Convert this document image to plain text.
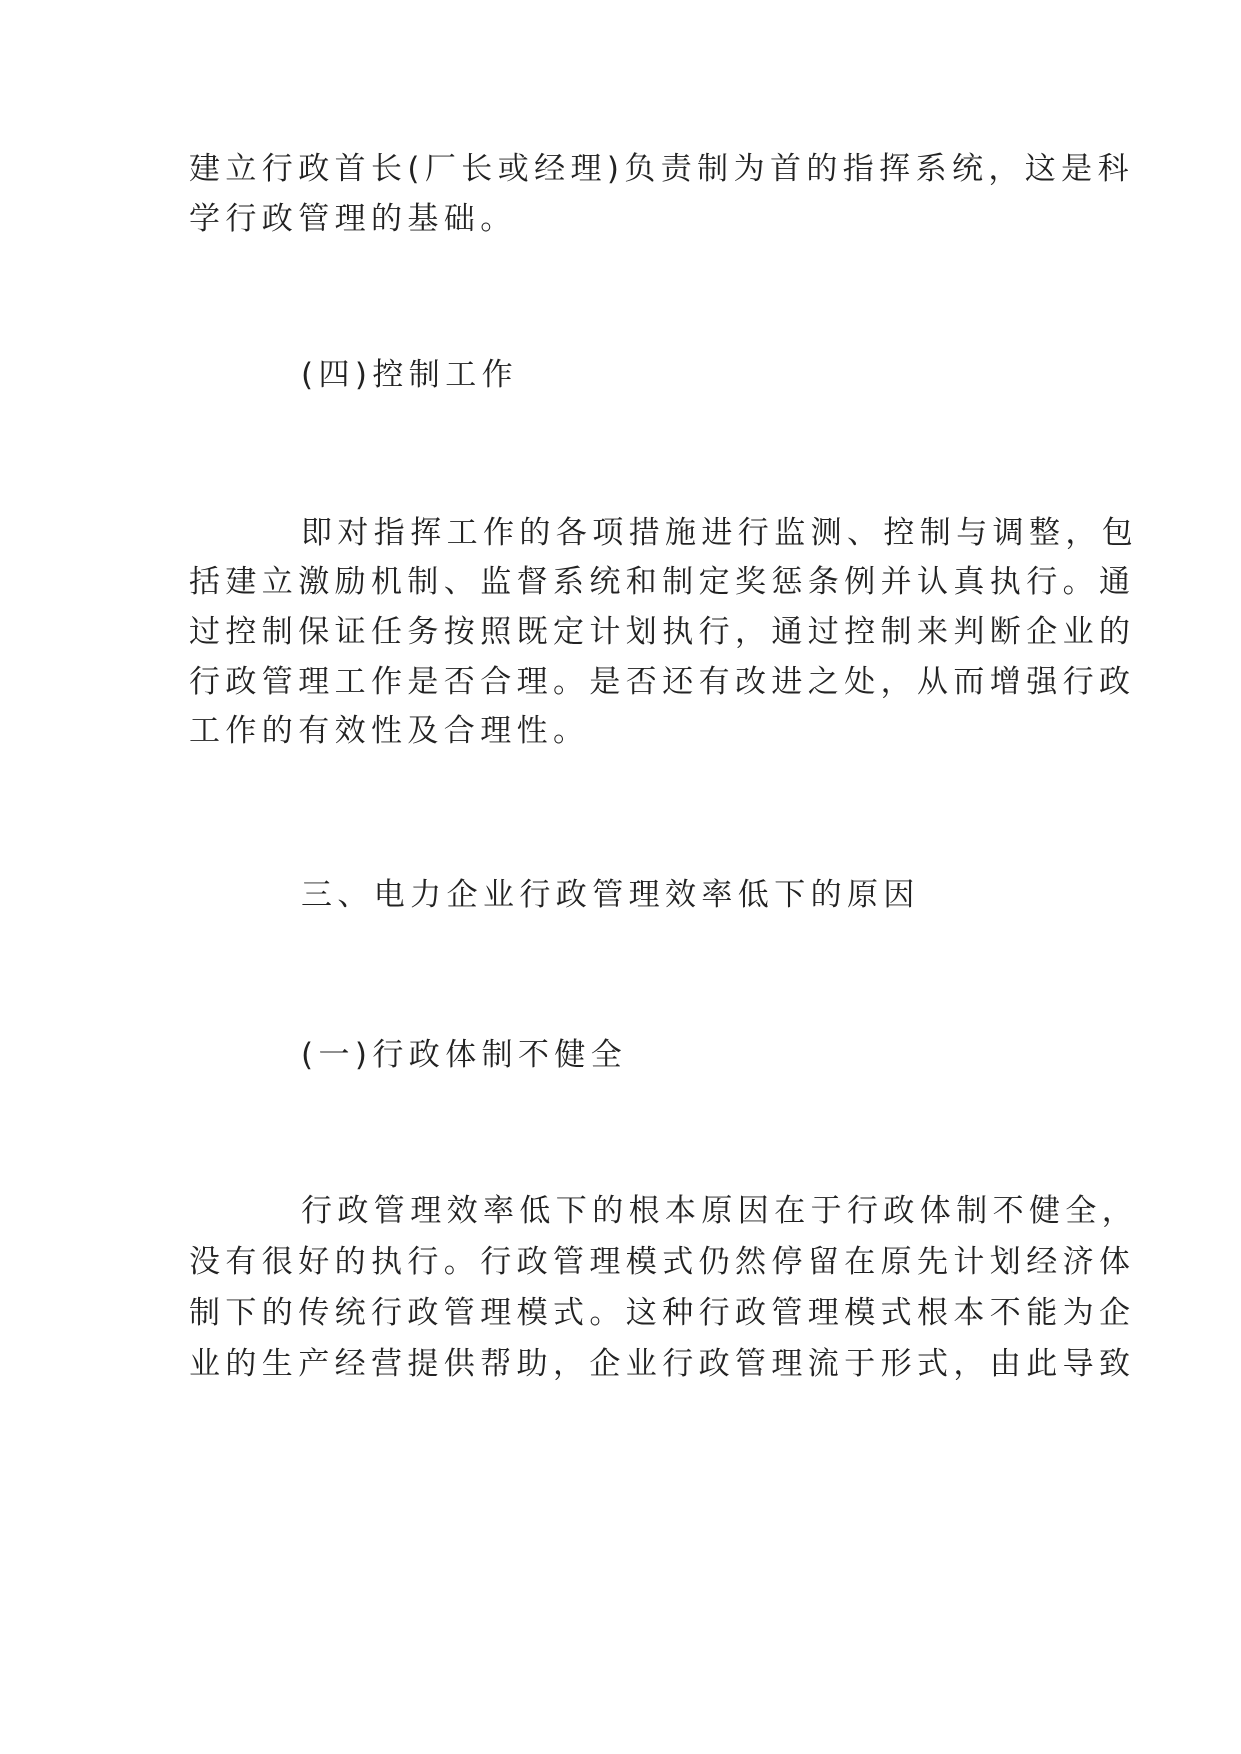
建立行政首长(厂长或经理)负责制为首的指挥系统，这是科
学行政管理的基础。
(四)控制工作
即对指挥工作的各项措施进行监测、控制与调整，包
括建立激励机制、监督系统和制定奖惩条例并认真执行。通
过控制保证任务按照既定计划执行，通过控制来判断企业的
行政管理工作是否合理。是否还有改进之处，从而增强行政
工作的有效性及合理性。
三、电力企业行政管理效率低下的原因
(一)行政体制不健全
行政管理效率低下的根本原因在于行政体制不健全，
没有很好的执行。行政管理模式仍然停留在原先计划经济体
制下的传统行政管理模式。这种行政管理模式根本不能为企
业的生产经营提供帮助，企业行政管理流于形式，由此导致
